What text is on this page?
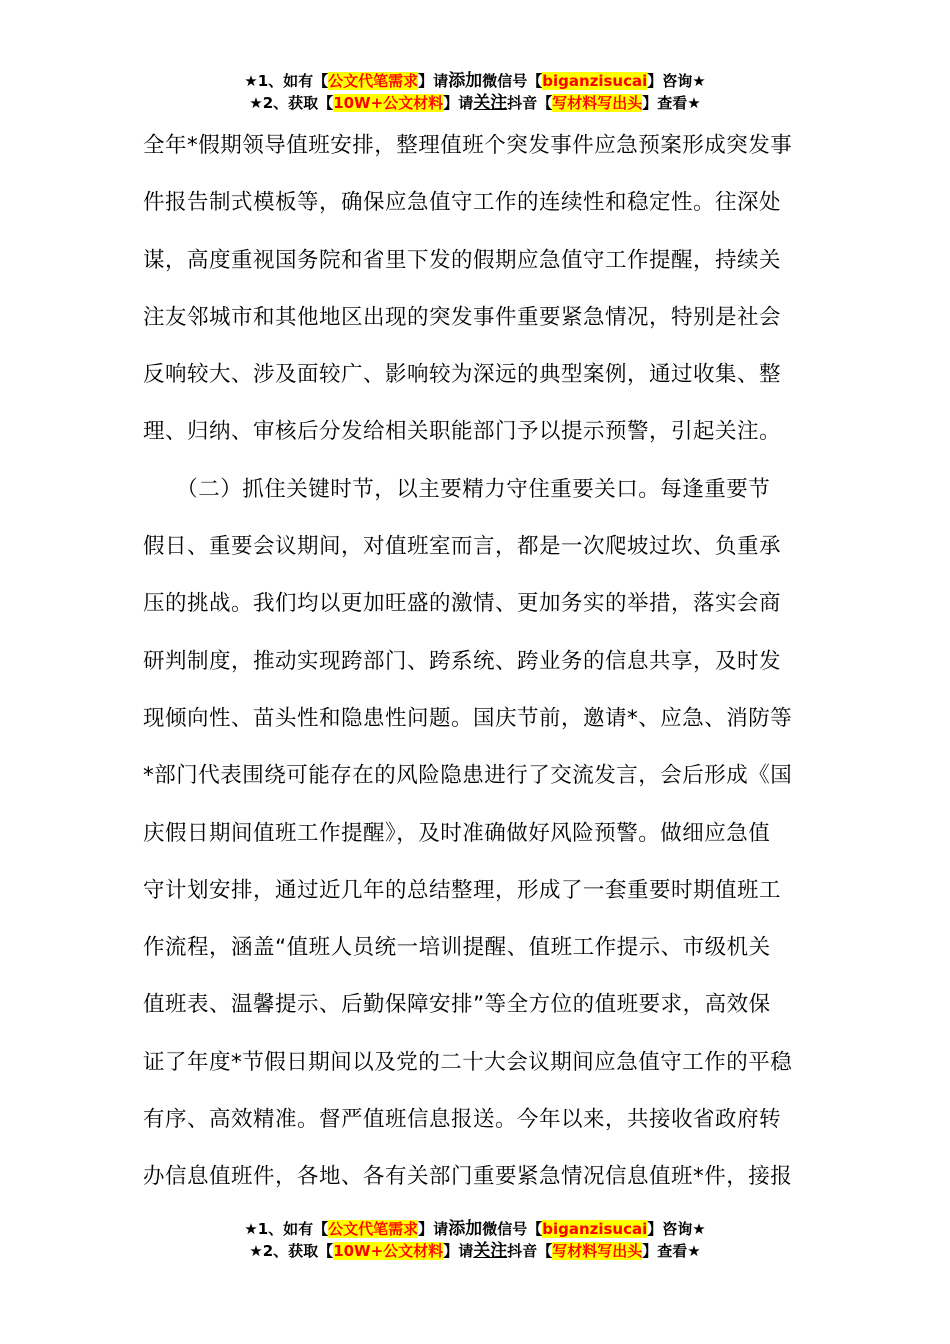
★1、如有【公文代笔需求】请添加微信号【biganzisucai】咨询★
★2、获取【10W+公文材料】请关注抖音【写材料写出头】查看★
全年*假期领导值班安排，整理值班个突发事件应急预案形成突发事
件报告制式模板等，确保应急值守工作的连续性和稳定性。往深处
谋，高度重视国务院和省里下发的假期应急值守工作提醒，持续关
注友邻城市和其他地区出现的突发事件重要紧急情况，特别是社会
反响较大、涉及面较广、影响较为深远的典型案例，通过收集、整
理、归纳、审核后分发给相关职能部门予以提示预警，引起关注。
　　（二）抓住关键时节，以主要精力守住重要关口。每逢重要节
假日、重要会议期间，对值班室而言，都是一次爬坡过坎、负重承
压的挑战。我们均以更加旺盛的激情、更加务实的举措，落实会商
研判制度，推动实现跨部门、跨系统、跨业务的信息共享，及时发
现倾向性、苗头性和隐患性问题。国庆节前，邀请*、应急、消防等
*部门代表围绕可能存在的风险隐患进行了交流发言，会后形成《国
庆假日期间值班工作提醒》，及时准确做好风险预警。做细应急值
守计划安排，通过近几年的总结整理，形成了一套重要时期值班工
作流程，涵盖“值班人员统一培训提醒、值班工作提示、市级机关
值班表、温馨提示、后勤保障安排”等全方位的值班要求，高效保
证了年度*节假日期间以及党的二十大会议期间应急值守工作的平稳
有序、高效精准。督严值班信息报送。今年以来，共接收省政府转
办信息值班件，各地、各有关部门重要紧急情况信息值班*件，接报
★1、如有【公文代笔需求】请添加微信号【biganzisucai】咨询★
★2、获取【10W+公文材料】请关注抖音【写材料写出头】查看★
